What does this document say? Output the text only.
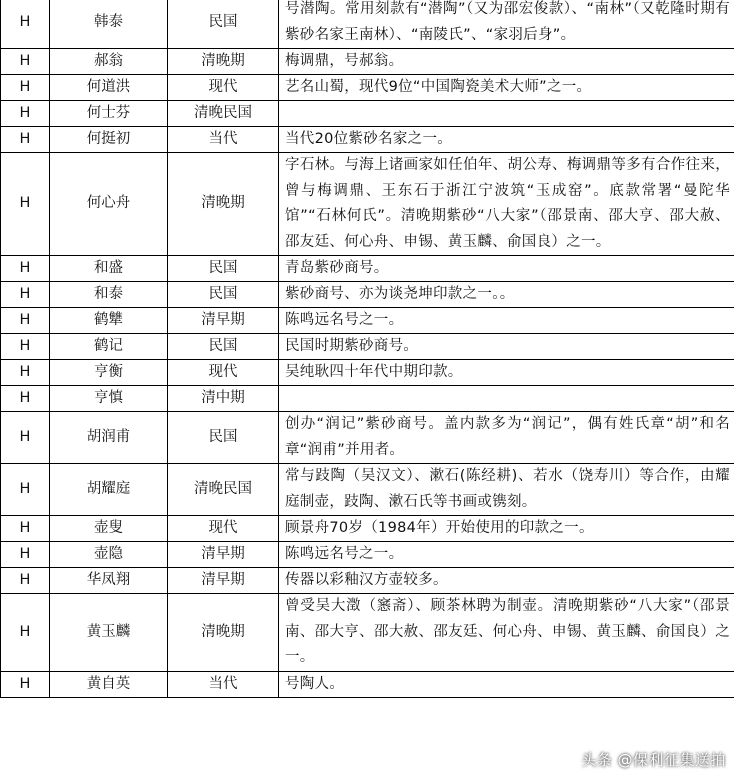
H	韩泰	民国	号潜陶。常用刻款有“潜陶”（又为邵宏俊款）、“南林”（又乾隆时期有紫砂名家王南林）、“南陵氏”、“家羽后身”。
H	郝翁	清晚期	梅调鼎，号郝翁。
H	何道洪	现代	艺名山蜀，现代9位“中国陶瓷美术大师”之一。
H	何士芬	清晚民国	
H	何挺初	当代	当代20位紫砂名家之一。
H	何心舟	清晚期	字石林。与海上诸画家如任伯年、胡公寿、梅调鼎等多有合作往来，曾与梅调鼎、王东石于浙江宁波筑“玉成窑”。底款常署“曼陀华馆”“石林何氏”。清晚期紫砂“八大家”（邵景南、邵大亨、邵大赦、邵友廷、何心舟、申锡、黄玉麟、俞国良）之一。
H	和盛	民国	青岛紫砂商号。
H	和泰	民国	紫砂商号、亦为谈尧坤印款之一。。
H	鹤犨	清早期	陈鸣远名号之一。
H	鹤记	民国	民国时期紫砂商号。
H	亨衡	现代	吴纯耿四十年代中期印款。
H	亨慎	清中期	
H	胡润甫	民国	创办“润记”紫砂商号。盖内款多为“润记”，偶有姓氏章“胡”和名章“润甫”并用者。
H	胡耀庭	清晚民国	常与跂陶（吴汉文）、漱石(陈经耕)、若水（饶寿川）等合作，由耀庭制壶，跂陶、漱石氏等书画或镌刻。
H	壶叟	现代	顾景舟70岁（1984年）开始使用的印款之一。
H	壶隐	清早期	陈鸣远名号之一。
H	华凤翔	清早期	传器以彩釉汉方壶较多。
H	黄玉麟	清晚期	曾受吴大澂（窸斋）、顾茶林聘为制壶。清晚期紫砂“八大家”（邵景南、邵大亨、邵大赦、邵友廷、何心舟、申锡、黄玉麟、俞国良）之一。
H	黄自英	当代	号陶人。
头条 @保利征集送拍
